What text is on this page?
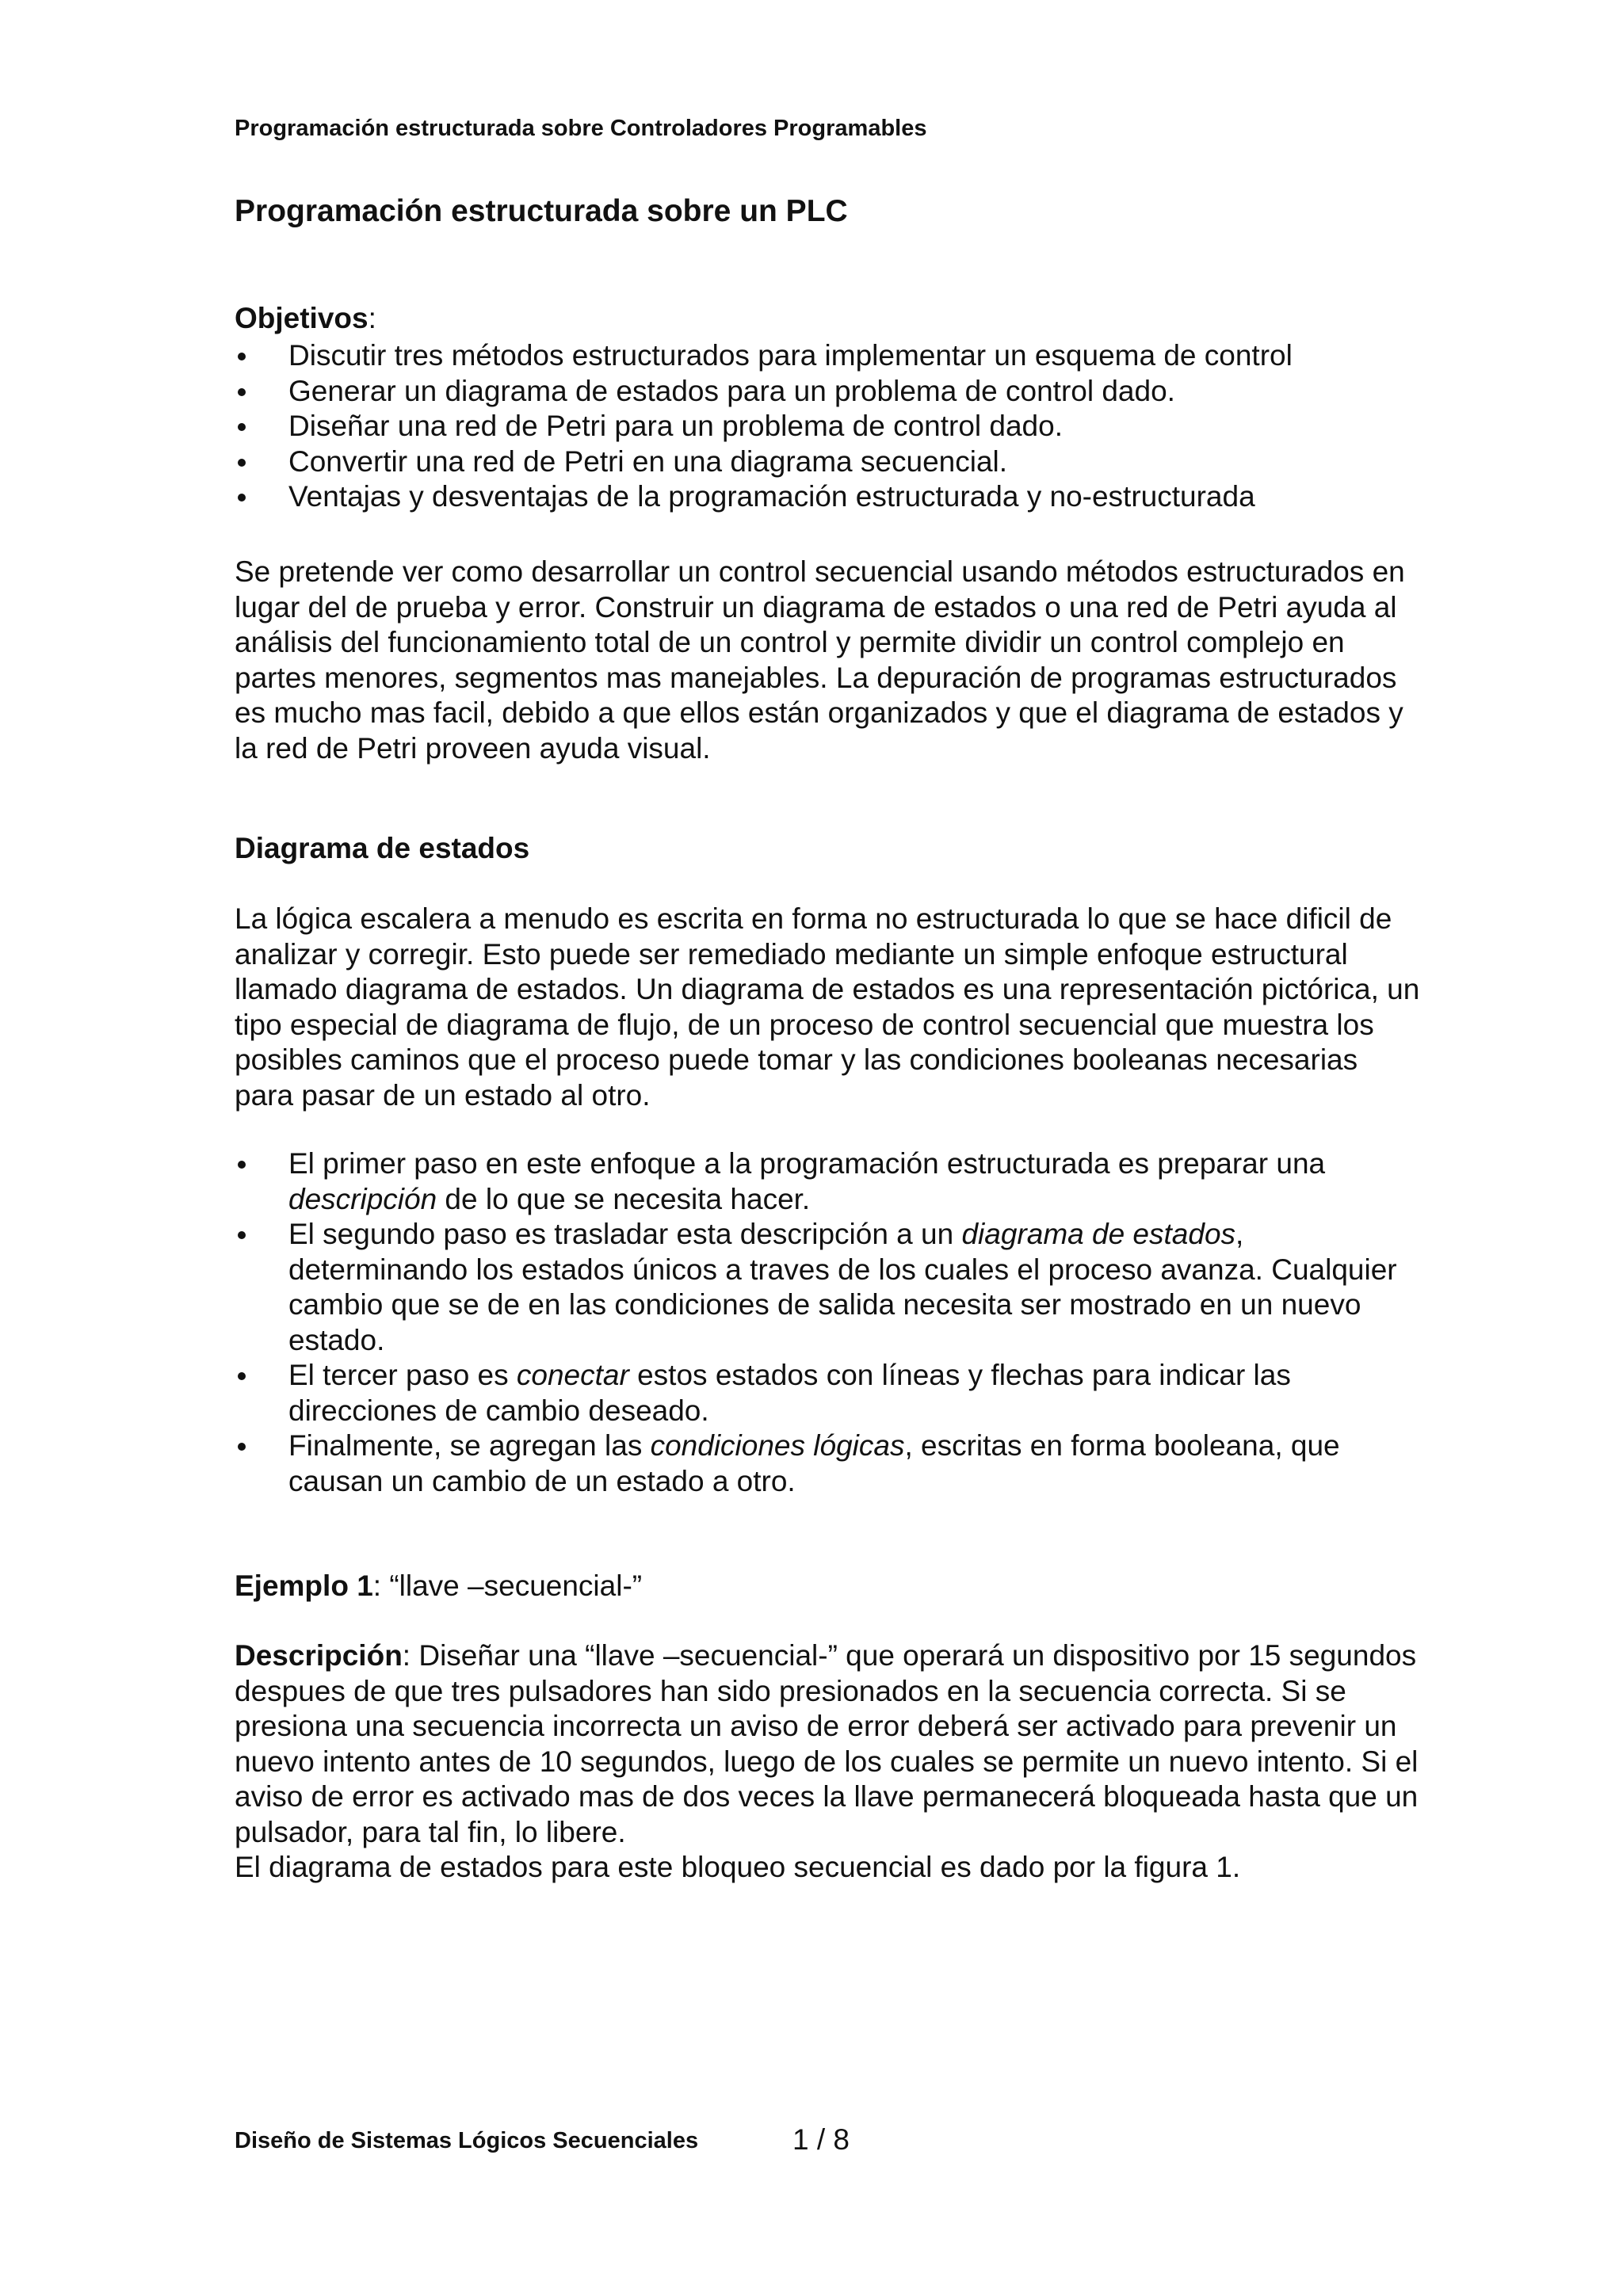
Programación estructurada sobre Controladores Programables
Programación estructurada sobre un PLC
Objetivos:
Discutir tres métodos estructurados para implementar un esquema de control
Generar un diagrama de estados para un problema de control dado.
Diseñar una red de Petri para un problema de control dado.
Convertir una red de Petri en una diagrama secuencial.
Ventajas y desventajas de la programación estructurada y no-estructurada

Se pretende ver como desarrollar un control secuencial usando métodos estructurados en lugar del de prueba y error. Construir un diagrama de estados o una red de Petri ayuda al análisis del funcionamiento total de un control y permite dividir un control complejo en partes menores, segmentos mas manejables. La depuración de programas estructurados es mucho mas facil, debido a que ellos están organizados y que el diagrama de estados y la red de Petri proveen ayuda visual.

Diagrama de estados

La lógica escalera a menudo es escrita en forma no estructurada lo que se hace dificil de analizar y corregir. Esto puede ser remediado mediante un simple enfoque estructural llamado diagrama de estados. Un diagrama de estados es una representación pictórica, un tipo especial de diagrama de flujo, de un proceso de control secuencial que muestra los posibles caminos que el proceso puede tomar y las condiciones booleanas necesarias para pasar de un estado al otro.

El primer paso en este enfoque a la programación estructurada es preparar una descripción de lo que se necesita hacer.
El segundo paso es trasladar esta descripción a un diagrama de estados, determinando los estados únicos a traves de los cuales el proceso avanza. Cualquier cambio que se de en las condiciones de salida necesita ser mostrado en un nuevo estado.
El tercer paso es conectar estos estados con líneas y flechas para indicar las direcciones de cambio deseado.
Finalmente, se agregan las condiciones lógicas, escritas en forma booleana, que causan un cambio de un estado a otro.
Ejemplo 1: “llave –secuencial-”

Descripción: Diseñar una “llave –secuencial-” que operará un dispositivo por 15 segundos despues de que tres pulsadores han sido presionados en la secuencia correcta. Si se presiona una secuencia incorrecta un aviso de error deberá ser activado para prevenir un nuevo intento antes de 10 segundos, luego de los cuales se permite un nuevo intento. Si el aviso de error es activado mas de dos veces la llave permanecerá bloqueada hasta que un pulsador, para tal fin, lo libere.

El diagrama de estados para este bloqueo secuencial es dado por la figura 1.

Diseño de Sistemas Lógicos Secuenciales	1 / 8
